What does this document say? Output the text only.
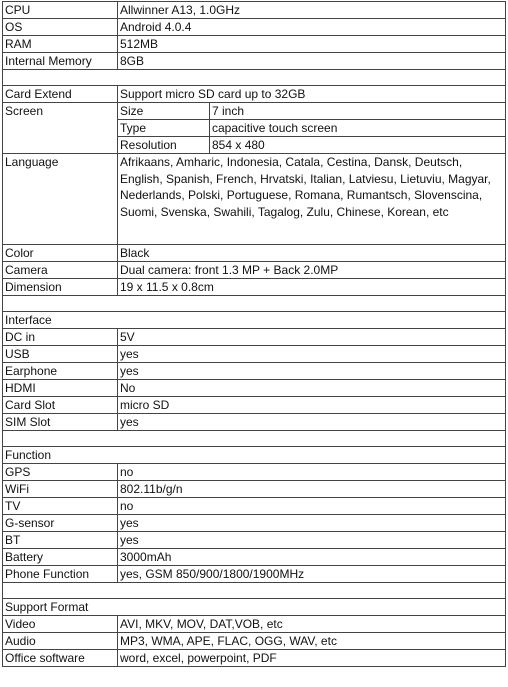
CPU	Allwinner A13, 1.0GHz	
OS	Android 4.0.4	
RAM	512MB	
Internal Memory	8GB	

Card Extend	Support micro SD card up to 32GB	
Screen	Size	7 inch
	Type	capacitive touch screen
	Resolution	854 x 480
Language	Afrikaans, Amharic, Indonesia, Catala, Cestina, Dansk, Deutsch, English, Spanish, French, Hrvatski, Italian, Latviesu, Lietuviu, Magyar, Nederlands, Polski, Portuguese, Romana, Rumantsch, Slovenscina, Suomi, Svenska, Swahili, Tagalog, Zulu, Chinese, Korean, etc	
Color	Black	
Camera	Dual camera: front 1.3 MP + Back 2.0MP	
Dimension	19 x 11.5 x 0.8cm	

Interface		
DC in	5V	
USB	yes	
Earphone	yes	
HDMI	No	
Card Slot	micro SD	
SIM Slot	yes	

Function		
GPS	no	
WiFi	802.11b/g/n	
TV	no	
G-sensor	yes	
BT	yes	
Battery	3000mAh	
Phone Function	yes, GSM 850/900/1800/1900MHz	

Support Format		
Video	AVI, MKV, MOV, DAT,VOB, etc	
Audio	MP3, WMA, APE, FLAC, OGG, WAV, etc	
Office software	word, excel, powerpoint, PDF	
